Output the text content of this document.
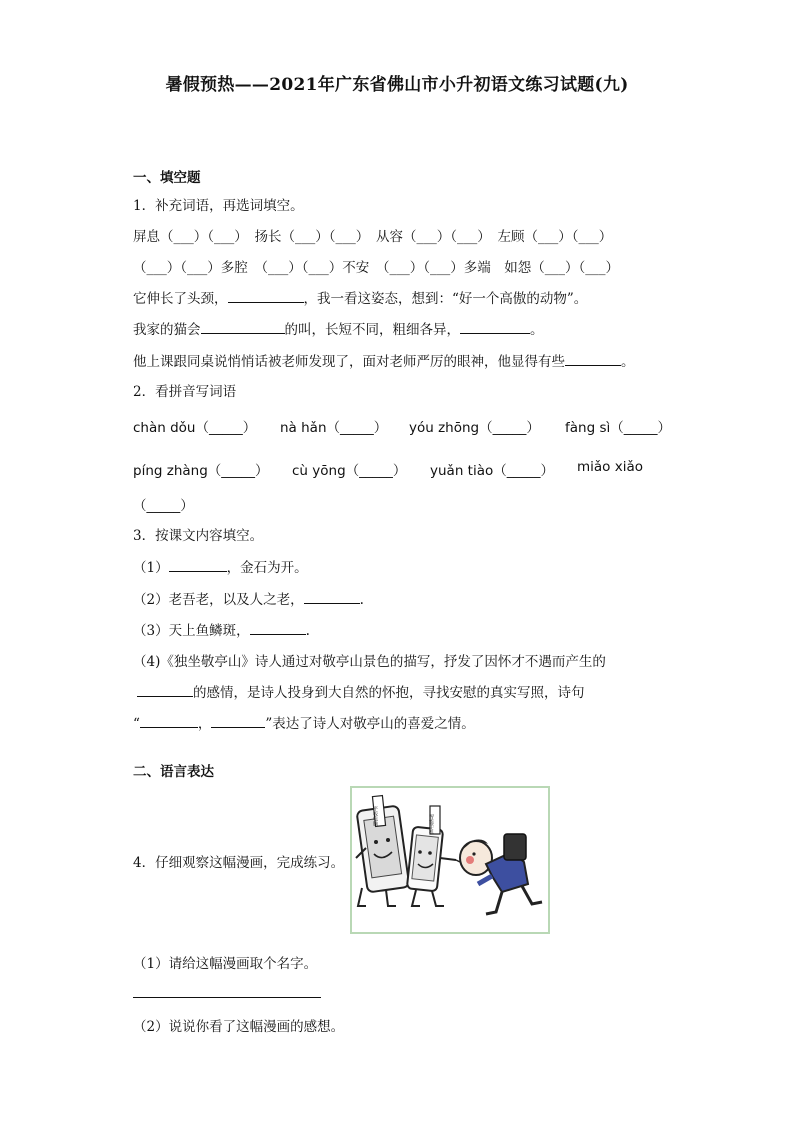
暑假预热——2021年广东省佛山市小升初语文练习试题(九)
一、填空题
1．补充词语，再选词填空。
屏息（___）（___）　扬长（___）（___）　从容（___）（___）　左顾（___）（___）
（___）（___）多腔　（___）（___）不安　（___）（___）多端　如怨（___）（___）
它伸长了头颈，	，我一看这姿态，想到：“好一个高傲的动物”。
我家的猫会	的叫，长短不同，粗细各异，	。
他上课跟同桌说悄悄话被老师发现了，面对老师严厉的眼神，他显得有些	。
2．看拼音写词语
chàn dǒu（_____） nà hǎn（_____） yóu zhōng（_____） fàng sì（_____）
píng zhàng（_____） cù yōng（_____） yuǎn tiào（_____） miǎo xiǎo
（_____）
3．按课文内容填空。
（1）	，金石为开。
（2）老吾老，以及人之老，	.
（3）天上鱼鳞斑，	.
（4)《独坐敬亭山》诗人通过对敬亭山景色的描写，抒发了因怀才不遇而产生的
的感情，是诗人投身到大自然的怀抱，寻找安慰的真实写照，诗句
“	，	”表达了诗人对敬亭山的喜爱之情。
二、语言表达
4．仔细观察这幅漫画，完成练习。
平板电脑	智能手机
（1）请给这幅漫画取个名字。
（2）说说你看了这幅漫画的感想。
